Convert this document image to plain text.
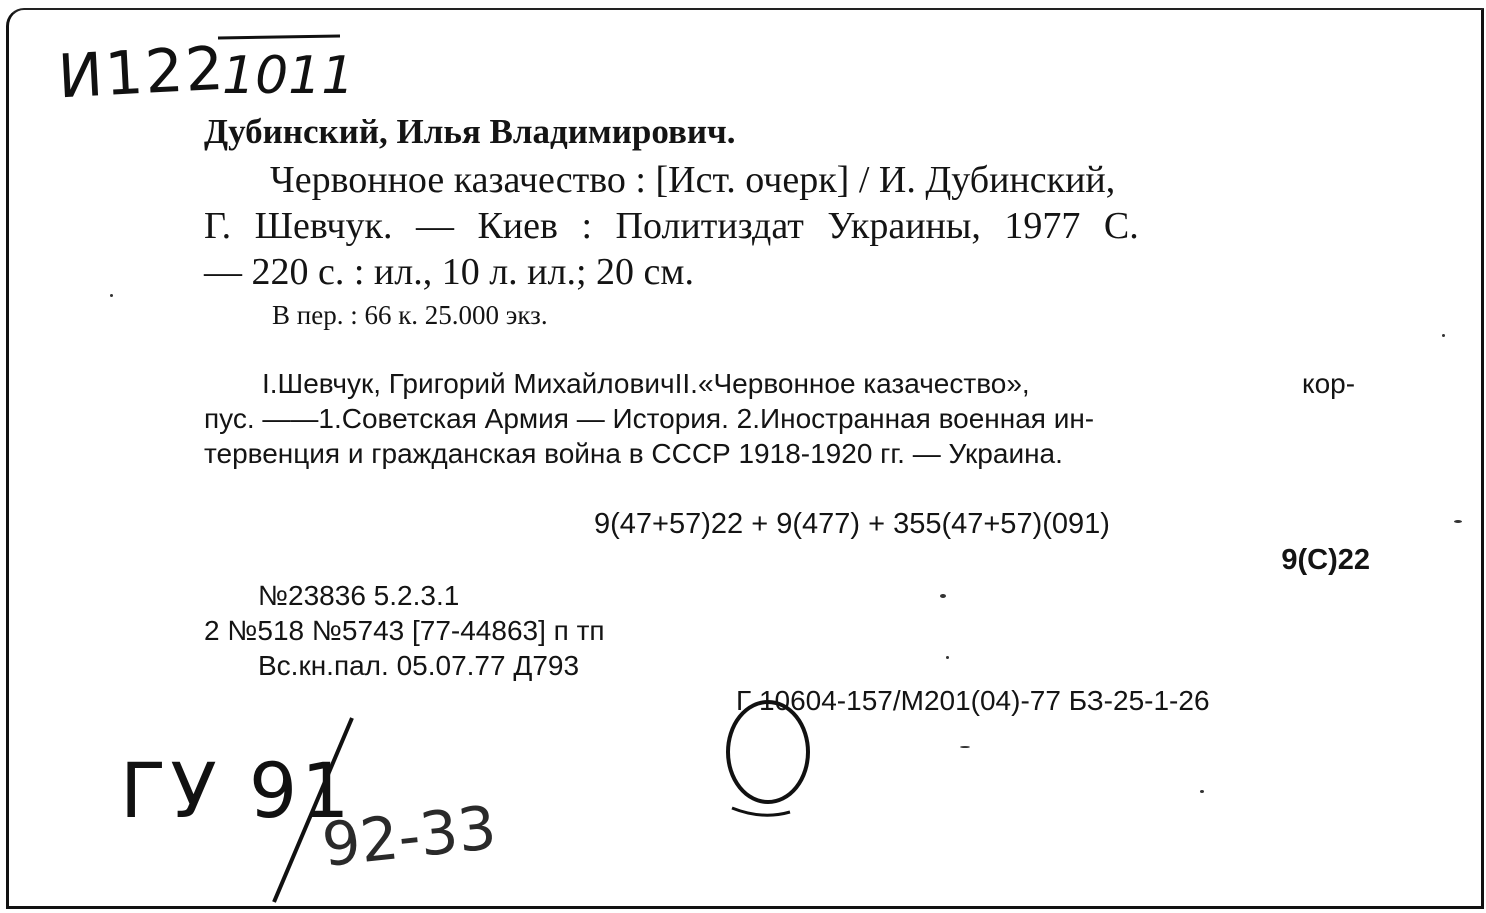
И122
1011
Дубинский, Илья Владимирович.
Червонное казачество : [Ист. очерк] / И. Дубинский,
Г. Шевчук. — Киев : Политиздат Украины, 1977 С.
— 220 с. : ил., 10 л. ил.; 20 см.
В пер. : 66 к. 25.000 экз.
I.Шевчук, Григорий МихайловичII.«Червонное казачество»,	кор-
пус. ——1.Советская Армия — История. 2.Иностранная военная ин-
тервенция и гражданская война в СССР 1918-1920 гг. — Украина.
9(47+57)22 + 9(477) + 355(47+57)(091)
9(С)22
№23836 5.2.3.1
2 №518 №5743 [77-44863] п тп
Вс.кн.пал. 05.07.77 Д793
Г 10604-157/М201(04)-77 БЗ-25-1-26
ГУ 91
92-33
